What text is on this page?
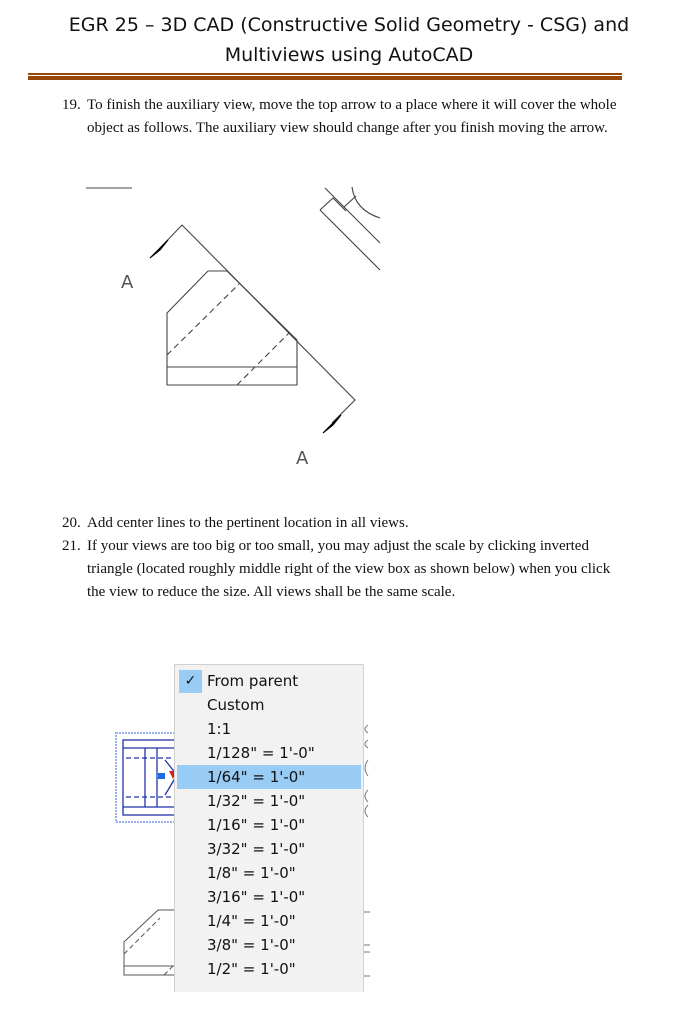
EGR 25 – 3D CAD (Constructive Solid Geometry - CSG) and
Multiviews using AutoCAD
19. To finish the auxiliary view, move the top arrow to a place where it will cover the whole object as follows. The auxiliary view should change after you finish moving the arrow.
20. Add center lines to the pertinent location in all views.
21. If your views are too big or too small, you may adjust the scale by clicking inverted triangle (located roughly middle right of the view box as shown below) when you click the view to reduce the size. All views shall be the same scale.
A
A
✓ From parent
Custom
1:1
1/128" = 1'-0"
1/64" = 1'-0"
1/32" = 1'-0"
1/16" = 1'-0"
3/32" = 1'-0"
1/8" = 1'-0"
3/16" = 1'-0"
1/4" = 1'-0"
3/8" = 1'-0"
1/2" = 1'-0"
